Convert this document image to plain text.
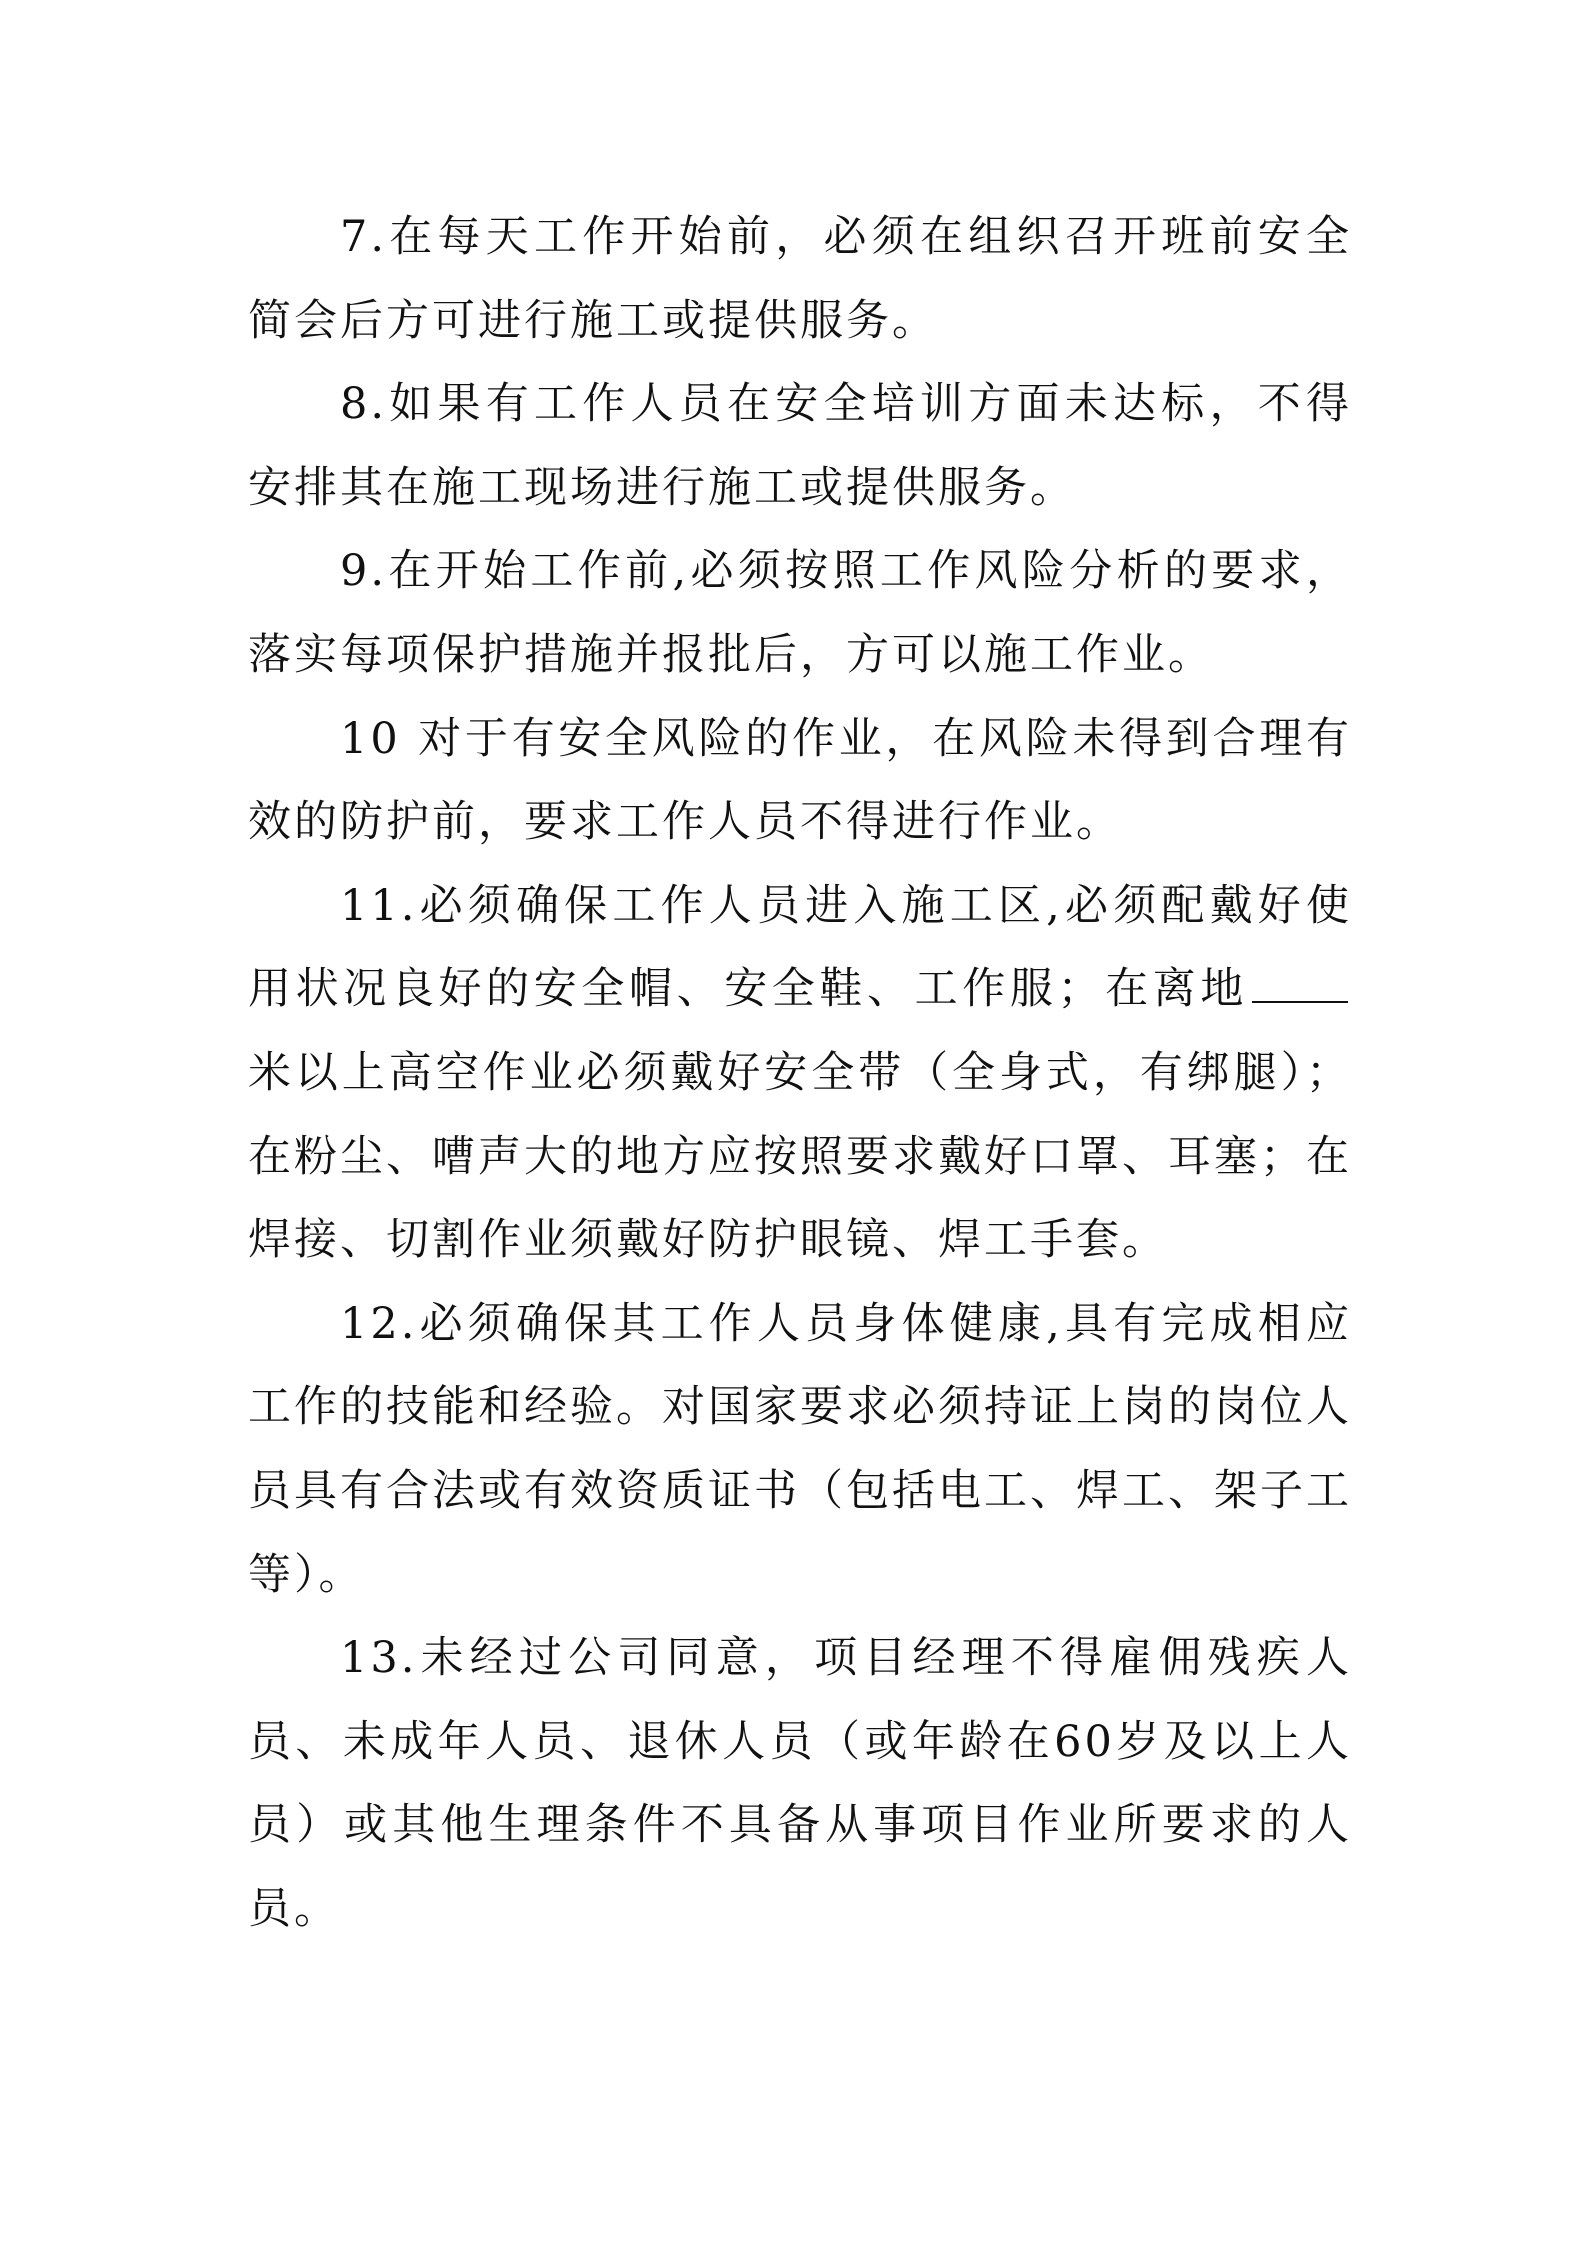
7.在每天工作开始前，必须在组织召开班前安全简会后方可进行施工或提供服务。

8.如果有工作人员在安全培训方面未达标，不得安排其在施工现场进行施工或提供服务。

9.在开始工作前,必须按照工作风险分析的要求，落实每项保护措施并报批后，方可以施工作业。

10 对于有安全风险的作业，在风险未得到合理有效的防护前，要求工作人员不得进行作业。

11.必须确保工作人员进入施工区,必须配戴好使用状况良好的安全帽、安全鞋、工作服；在离地米以上高空作业必须戴好安全带（全身式，有绑腿）；在粉尘、嘈声大的地方应按照要求戴好口罩、耳塞；在焊接、切割作业须戴好防护眼镜、焊工手套。

12.必须确保其工作人员身体健康,具有完成相应工作的技能和经验。对国家要求必须持证上岗的岗位人员具有合法或有效资质证书（包括电工、焊工、架子工等）。

13.未经过公司同意，项目经理不得雇佣残疾人员、未成年人员、退休人员（或年龄在60岁及以上人员）或其他生理条件不具备从事项目作业所要求的人员。
